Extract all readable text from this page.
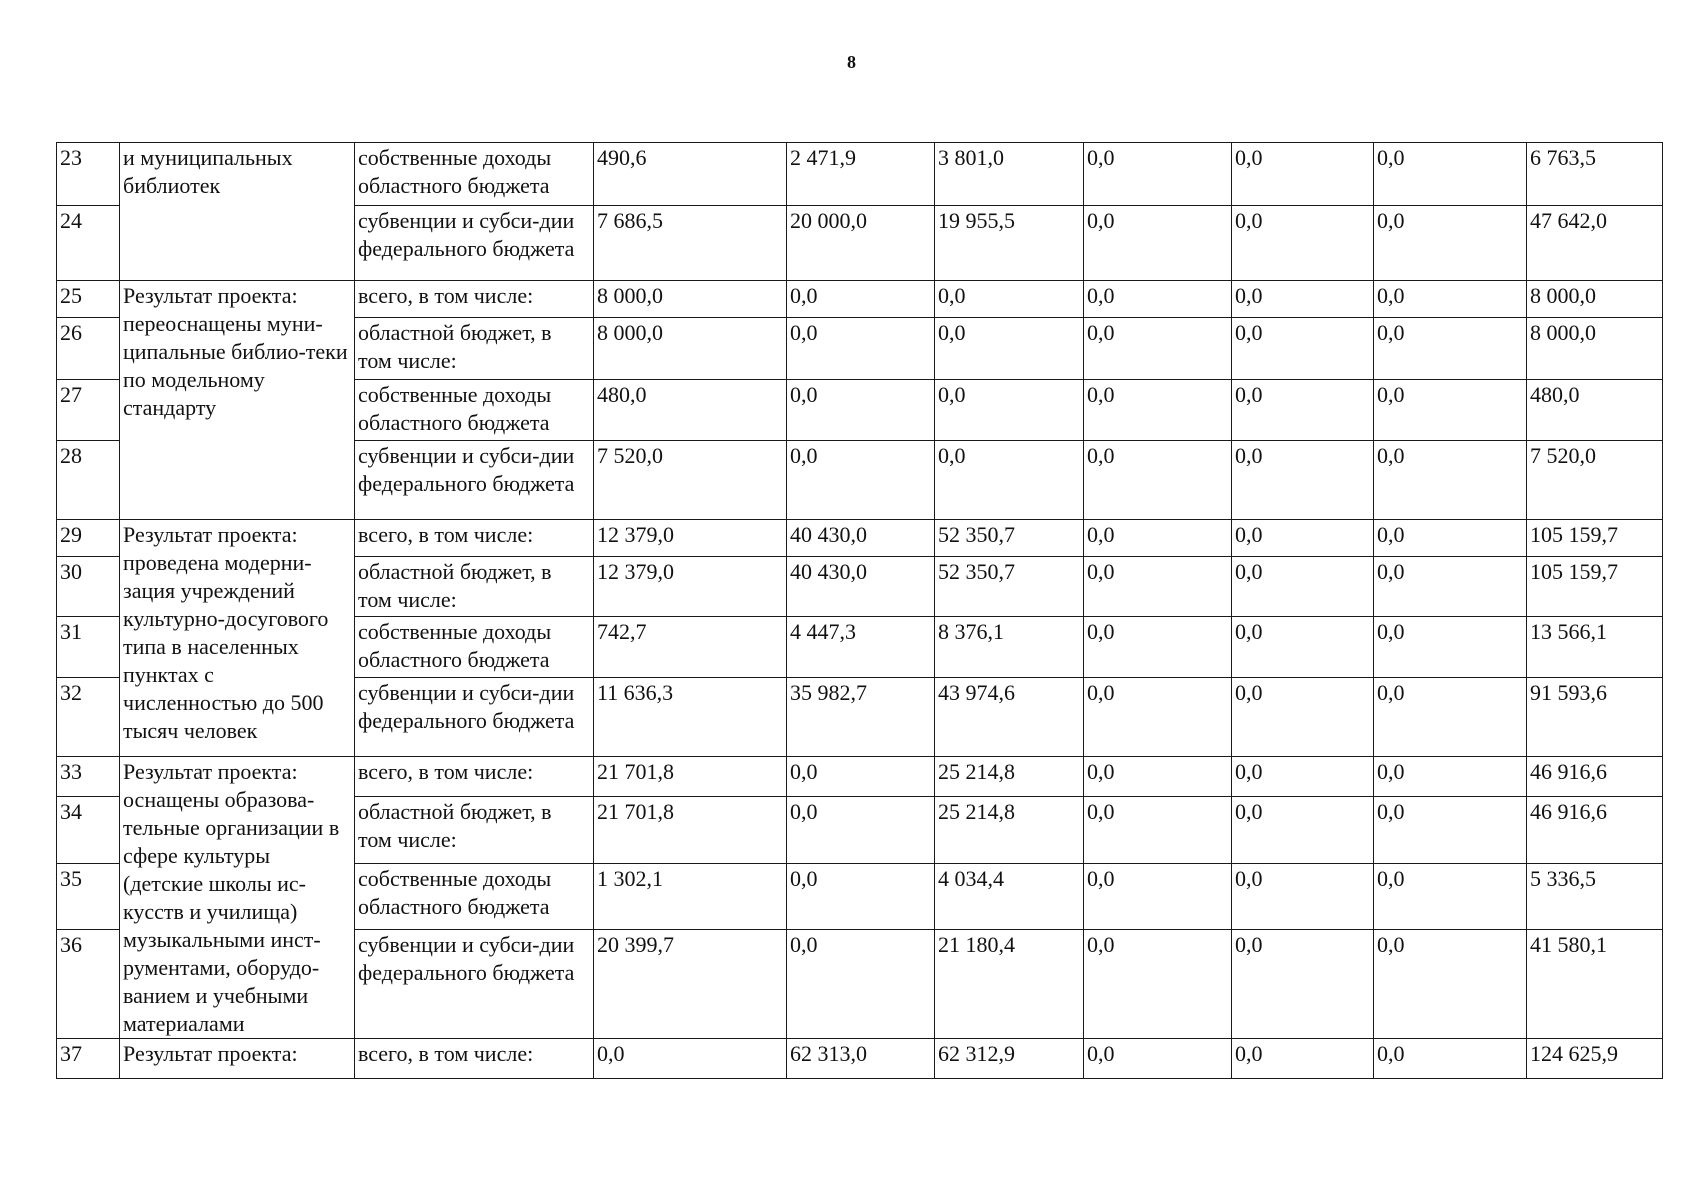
8
23	и муниципальных библиотек	собственные доходы областного бюджета	490,6	2 471,9	3 801,0	0,0	0,0	0,0	6 763,5
24		субвенции и субси-дии федерального бюджета	7 686,5	20 000,0	19 955,5	0,0	0,0	0,0	47 642,0
25	Результат проекта: переоснащены муни-ципальные библио-теки по модельному стандарту	всего, в том числе:	8 000,0	0,0	0,0	0,0	0,0	0,0	8 000,0
26		областной бюджет, в том числе:	8 000,0	0,0	0,0	0,0	0,0	0,0	8 000,0
27		собственные доходы областного бюджета	480,0	0,0	0,0	0,0	0,0	0,0	480,0
28		субвенции и субси-дии федерального бюджета	7 520,0	0,0	0,0	0,0	0,0	0,0	7 520,0
29	Результат проекта: проведена модерни-зация учреждений культурно-досугового типа в населенных пунктах с численностью до 500 тысяч человек	всего, в том числе:	12 379,0	40 430,0	52 350,7	0,0	0,0	0,0	105 159,7
30		областной бюджет, в том числе:	12 379,0	40 430,0	52 350,7	0,0	0,0	0,0	105 159,7
31		собственные доходы областного бюджета	742,7	4 447,3	8 376,1	0,0	0,0	0,0	13 566,1
32		субвенции и субси-дии федерального бюджета	11 636,3	35 982,7	43 974,6	0,0	0,0	0,0	91 593,6
33	Результат проекта: оснащены образова-тельные организации в сфере культуры (детские школы ис-кусств и училища) музыкальными инст-рументами, оборудо-ванием и учебными материалами	всего, в том числе:	21 701,8	0,0	25 214,8	0,0	0,0	0,0	46 916,6
34		областной бюджет, в том числе:	21 701,8	0,0	25 214,8	0,0	0,0	0,0	46 916,6
35		собственные доходы областного бюджета	1 302,1	0,0	4 034,4	0,0	0,0	0,0	5 336,5
36		субвенции и субси-дии федерального бюджета	20 399,7	0,0	21 180,4	0,0	0,0	0,0	41 580,1
37	Результат проекта:	всего, в том числе:	0,0	62 313,0	62 312,9	0,0	0,0	0,0	124 625,9
